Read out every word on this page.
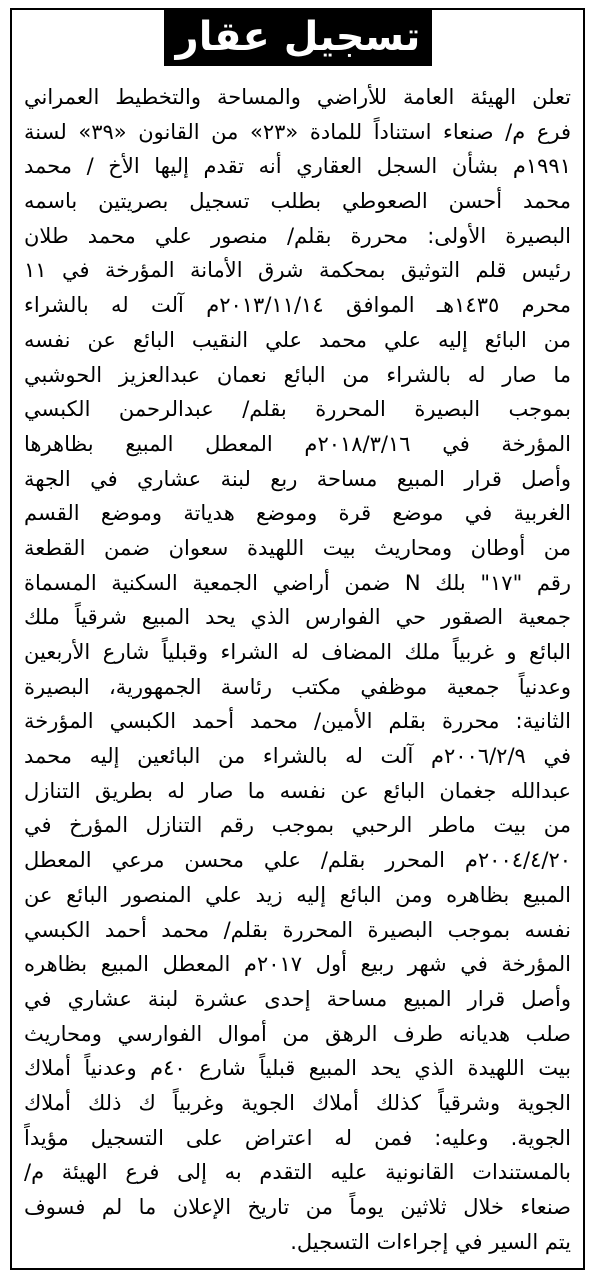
تسجيل عقار
تعلن الهيئة العامة للأراضي والمساحة والتخطيط العمراني
فرع م/ صنعاء استناداً للمادة «٢٣» من القانون «٣٩» لسنة
١٩٩١م بشأن السجل العقاري أنه تقدم إليها الأخ / محمد
محمد أحسن الصعوطي بطلب تسجيل بصريتين باسمه
البصيرة الأولى: محررة بقلم/ منصور علي محمد طلان
رئيس قلم التوثيق بمحكمة شرق الأمانة المؤرخة في ١١
محرم ١٤٣٥هـ الموافق ٢٠١٣/١١/١٤م آلت له بالشراء
من البائع إليه علي محمد علي النقيب البائع عن نفسه
ما صار له بالشراء من البائع نعمان عبدالعزيز الحوشبي
بموجب البصيرة المحررة بقلم/ عبدالرحمن الكبسي
المؤرخة في ٢٠١٨/٣/١٦م المعطل المبيع بظاهرها
وأصل قرار المبيع مساحة ربع لبنة عشاري في الجهة
الغربية في موضع قرة وموضع هدياتة وموضع القسم
من أوطان ومحاريث بيت اللهيدة سعوان ضمن القطعة
رقم "١٧" بلك N ضمن أراضي الجمعية السكنية المسماة
جمعية الصقور حي الفوارس الذي يحد المبيع شرقياً ملك
البائع و غربياً ملك المضاف له الشراء وقبلياً شارع الأربعين
وعدنياً جمعية موظفي مكتب رئاسة الجمهورية، البصيرة
الثانية: محررة بقلم الأمين/ محمد أحمد الكبسي المؤرخة
في ٢٠٠٦/٢/٩م آلت له بالشراء من البائعين إليه محمد
عبدالله جغمان البائع عن نفسه ما صار له بطريق التنازل
من بيت ماطر الرحبي بموجب رقم التنازل المؤرخ في
٢٠٠٤/٤/٢٠م المحرر بقلم/ علي محسن مرعي المعطل
المبيع بظاهره ومن البائع إليه زيد علي المنصور البائع عن
نفسه بموجب البصيرة المحررة بقلم/ محمد أحمد الكبسي
المؤرخة في شهر ربيع أول ٢٠١٧م المعطل المبيع بظاهره
وأصل قرار المبيع مساحة إحدى عشرة لبنة عشاري في
صلب هديانه طرف الرهق من أموال الفوارسي ومحاريث
بيت اللهيدة الذي يحد المبيع قبلياً شارع ٤٠م وعدنياً أملاك
الجوية وشرقياً كذلك أملاك الجوية وغربياً ك ذلك أملاك
الجوية. وعليه: فمن له اعتراض على التسجيل مؤيداً
بالمستندات القانونية عليه التقدم به إلى فرع الهيئة م/
صنعاء خلال ثلاثين يوماً من تاريخ الإعلان ما لم فسوف
يتم السير في إجراءات التسجيل.
